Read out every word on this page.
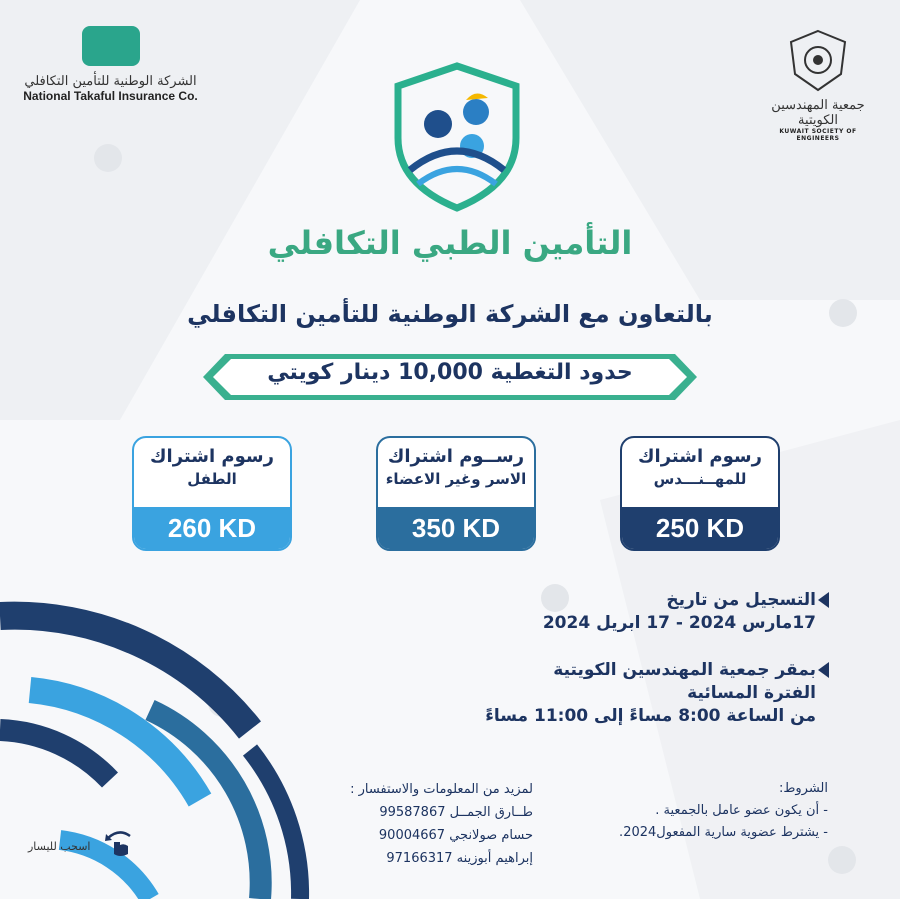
الشركة الوطنية للتأمين التكافلي
National Takaful Insurance Co.
جمعية المهندسين الكويتية
KUWAIT SOCIETY OF ENGINEERS
التأمين الطبي التكافلي
بالتعاون مع الشركة الوطنية للتأمين التكافلي
حدود التغطية 10,000 دينار كويتي
رسوم اشتراك
للمهــنـــدس
250 KD
رســوم اشتراك
الاسر وغير الاعضاء
350 KD
رسوم اشتراك
الطفل
260 KD
التسجيل من تاريخ
17مارس 2024 - 17 ابريل 2024
بمقر جمعية المهندسين الكويتية
الفترة المسائية
من الساعة 8:00 مساءً إلى 11:00 مساءً
الشروط:
- أن يكون عضو عامل بالجمعية .
- يشترط عضوية سارية المفعول2024.
لمزيد من المعلومات والاستفسار :
طــارق الجمــل 99587867
حسام صولانجي 90004667
إبراهيم أبوزينه 97166317
اسحب لليسار
